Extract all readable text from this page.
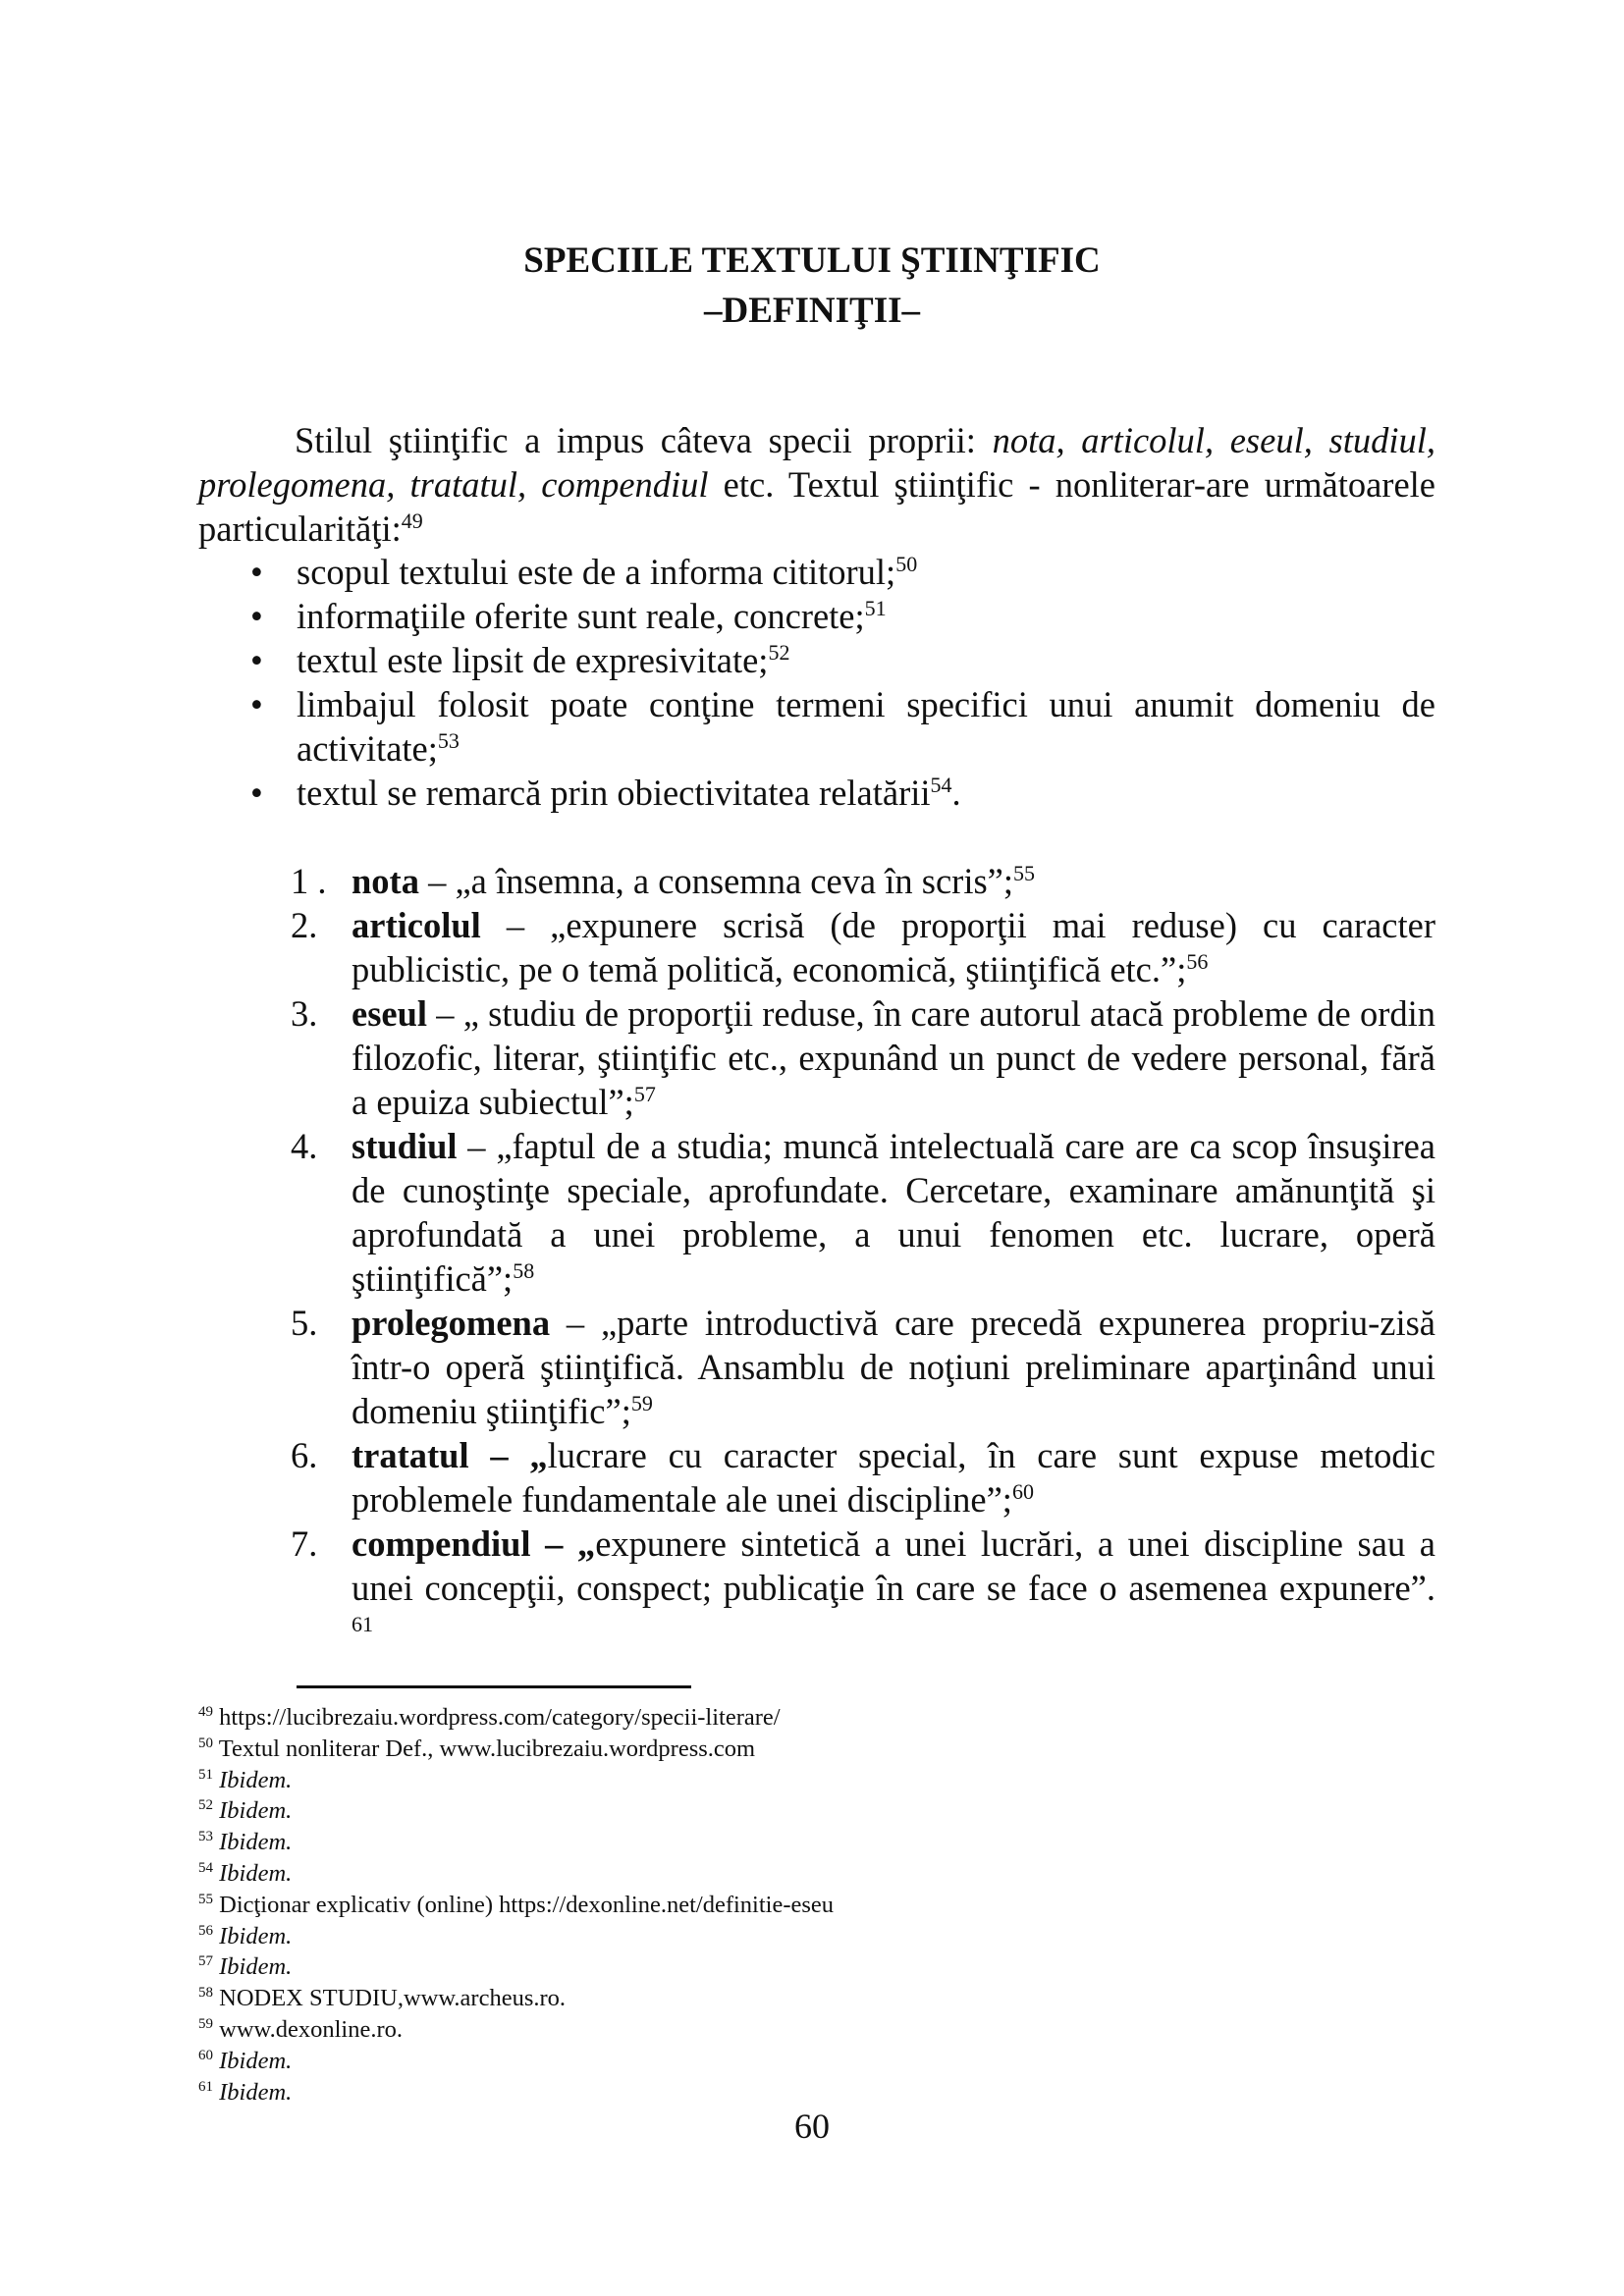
SPECIILE TEXTULUI ŞTIINŢIFIC
–DEFINIŢII–

Stilul ştiinţific a impus câteva specii proprii: nota, articolul, eseul, studiul, prolegomena, tratatul, compendiul etc. Textul ştiinţific - nonliterar-are următoarele particularităţi:$^{49}$

• scopul textului este de a informa cititorul;$^{50}$
• informaţiile oferite sunt reale, concrete;$^{51}$
• textul este lipsit de expresivitate;$^{52}$
• limbajul folosit poate conţine termeni specifici unui anumit domeniu de activitate;$^{53}$
• textul se remarcă prin obiectivitatea relatării$^{54}$.
1 . nota – „a însemna, a consemna ceva în scris”;$^{55}$
2. articolul – „expunere scrisă (de proporţii mai reduse) cu caracter publicistic, pe o temă politică, economică, ştiinţifică etc.”;$^{56}$
3. eseul – „ studiu de proporţii reduse, în care autorul atacă probleme de ordin filozofic, literar, ştiinţific etc., expunând un punct de vedere personal, fără a epuiza subiectul”;$^{57}$
4. studiul – „faptul de a studia; muncă intelectuală care are ca scop însuşirea de cunoştinţe speciale, aprofundate. Cercetare, examinare amănunţită şi aprofundată a unei probleme, a unui fenomen etc. lucrare, operă ştiinţifică”;$^{58}$
5. prolegomena – „parte introductivă care precedă expunerea propriu-zisă într-o operă ştiinţifică. Ansamblu de noţiuni preliminare aparţinând unui domeniu ştiinţific”;$^{59}$
6. tratatul – „lucrare cu caracter special, în care sunt expuse metodic problemele fundamentale ale unei discipline”;$^{60}$
7. compendiul – „expunere sintetică a unei lucrări, a unei discipline sau a unei concepţii, conspect; publicaţie în care se face o asemenea expunere”. $^{61}$
$^{49}$ https://lucibrezaiu.wordpress.com/category/specii-literare/
$^{50}$ Textul nonliterar Def., www.lucibrezaiu.wordpress.com
$^{51}$ Ibidem.
$^{52}$ Ibidem.
$^{53}$ Ibidem.
$^{54}$ Ibidem.
$^{55}$ Dicţionar explicativ (online) https://dexonline.net/definitie-eseu
$^{56}$ Ibidem.
$^{57}$ Ibidem.
$^{58}$ NODEX STUDIU,www.archeus.ro.
$^{59}$ www.dexonline.ro.
$^{60}$ Ibidem.
$^{61}$ Ibidem.
60
